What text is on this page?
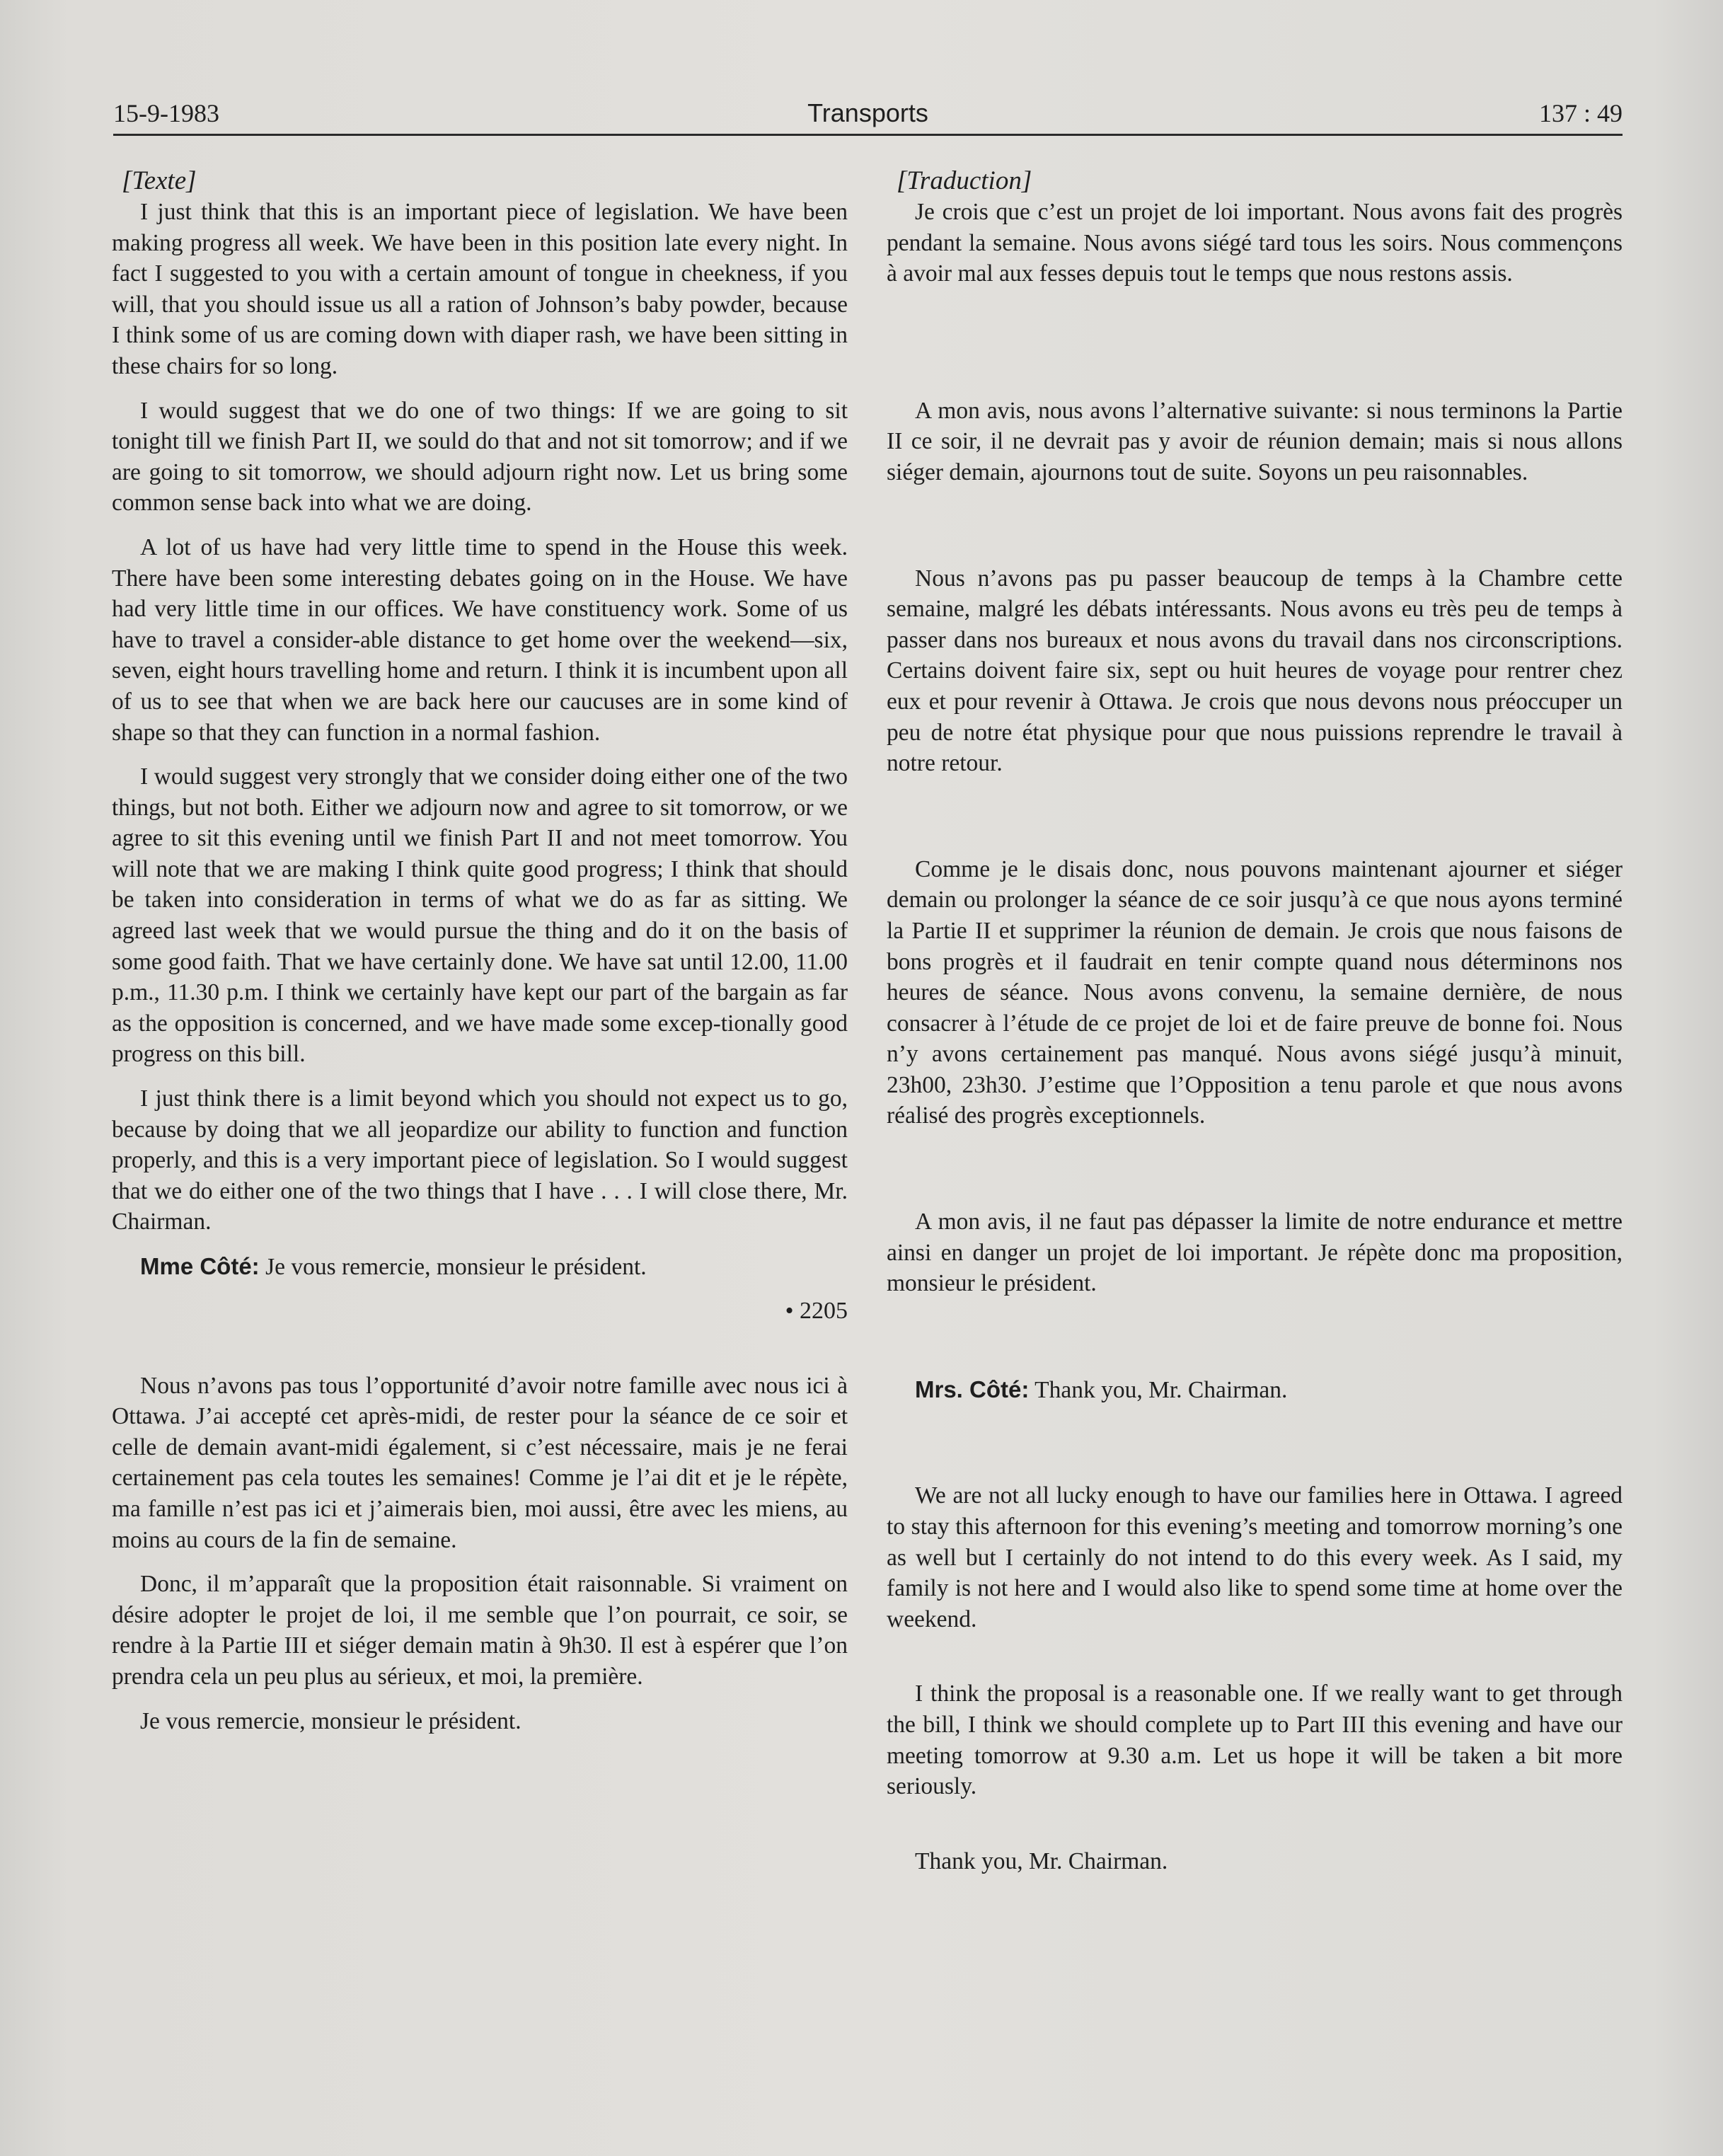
15-9-1983	Transports	137 : 49

[Texte]

I just think that this is an important piece of legislation. We have been making progress all week. We have been in this position late every night. In fact I suggested to you with a certain amount of tongue in cheekness, if you will, that you should issue us all a ration of Johnson’s baby powder, because I think some of us are coming down with diaper rash, we have been sitting in these chairs for so long.

I would suggest that we do one of two things: If we are going to sit tonight till we finish Part II, we sould do that and not sit tomorrow; and if we are going to sit tomorrow, we should adjourn right now. Let us bring some common sense back into what we are doing.

A lot of us have had very little time to spend in the House this week. There have been some interesting debates going on in the House. We have had very little time in our offices. We have constituency work. Some of us have to travel a consider-able distance to get home over the weekend—six, seven, eight hours travelling home and return. I think it is incumbent upon all of us to see that when we are back here our caucuses are in some kind of shape so that they can function in a normal fashion.

I would suggest very strongly that we consider doing either one of the two things, but not both. Either we adjourn now and agree to sit tomorrow, or we agree to sit this evening until we finish Part II and not meet tomorrow. You will note that we are making I think quite good progress; I think that should be taken into consideration in terms of what we do as far as sitting. We agreed last week that we would pursue the thing and do it on the basis of some good faith. That we have certainly done. We have sat until 12.00, 11.00 p.m., 11.30 p.m. I think we certainly have kept our part of the bargain as far as the opposition is concerned, and we have made some excep-tionally good progress on this bill.

I just think there is a limit beyond which you should not expect us to go, because by doing that we all jeopardize our ability to function and function properly, and this is a very important piece of legislation. So I would suggest that we do either one of the two things that I have . . . I will close there, Mr. Chairman.

Mme Côté: Je vous remercie, monsieur le président.

• 2205

Nous n’avons pas tous l’opportunité d’avoir notre famille avec nous ici à Ottawa. J’ai accepté cet après-midi, de rester pour la séance de ce soir et celle de demain avant-midi également, si c’est nécessaire, mais je ne ferai certainement pas cela toutes les semaines! Comme je l’ai dit et je le répète, ma famille n’est pas ici et j’aimerais bien, moi aussi, être avec les miens, au moins au cours de la fin de semaine.

Donc, il m’apparaît que la proposition était raisonnable. Si vraiment on désire adopter le projet de loi, il me semble que l’on pourrait, ce soir, se rendre à la Partie III et siéger demain matin à 9h30. Il est à espérer que l’on prendra cela un peu plus au sérieux, et moi, la première.

Je vous remercie, monsieur le président.

[Traduction]

Je crois que c’est un projet de loi important. Nous avons fait des progrès pendant la semaine. Nous avons siégé tard tous les soirs. Nous commençons à avoir mal aux fesses depuis tout le temps que nous restons assis.

A mon avis, nous avons l’alternative suivante: si nous terminons la Partie II ce soir, il ne devrait pas y avoir de réunion demain; mais si nous allons siéger demain, ajournons tout de suite. Soyons un peu raisonnables.

Nous n’avons pas pu passer beaucoup de temps à la Chambre cette semaine, malgré les débats intéressants. Nous avons eu très peu de temps à passer dans nos bureaux et nous avons du travail dans nos circonscriptions. Certains doivent faire six, sept ou huit heures de voyage pour rentrer chez eux et pour revenir à Ottawa. Je crois que nous devons nous préoccuper un peu de notre état physique pour que nous puissions reprendre le travail à notre retour.

Comme je le disais donc, nous pouvons maintenant ajourner et siéger demain ou prolonger la séance de ce soir jusqu’à ce que nous ayons terminé la Partie II et supprimer la réunion de demain. Je crois que nous faisons de bons progrès et il faudrait en tenir compte quand nous déterminons nos heures de séance. Nous avons convenu, la semaine dernière, de nous consacrer à l’étude de ce projet de loi et de faire preuve de bonne foi. Nous n’y avons certainement pas manqué. Nous avons siégé jusqu’à minuit, 23h00, 23h30. J’estime que l’Opposition a tenu parole et que nous avons réalisé des progrès exceptionnels.

A mon avis, il ne faut pas dépasser la limite de notre endurance et mettre ainsi en danger un projet de loi important. Je répète donc ma proposition, monsieur le président.

Mrs. Côté: Thank you, Mr. Chairman.

We are not all lucky enough to have our families here in Ottawa. I agreed to stay this afternoon for this evening’s meeting and tomorrow morning’s one as well but I certainly do not intend to do this every week. As I said, my family is not here and I would also like to spend some time at home over the weekend.

I think the proposal is a reasonable one. If we really want to get through the bill, I think we should complete up to Part III this evening and have our meeting tomorrow at 9.30 a.m. Let us hope it will be taken a bit more seriously.

Thank you, Mr. Chairman.
